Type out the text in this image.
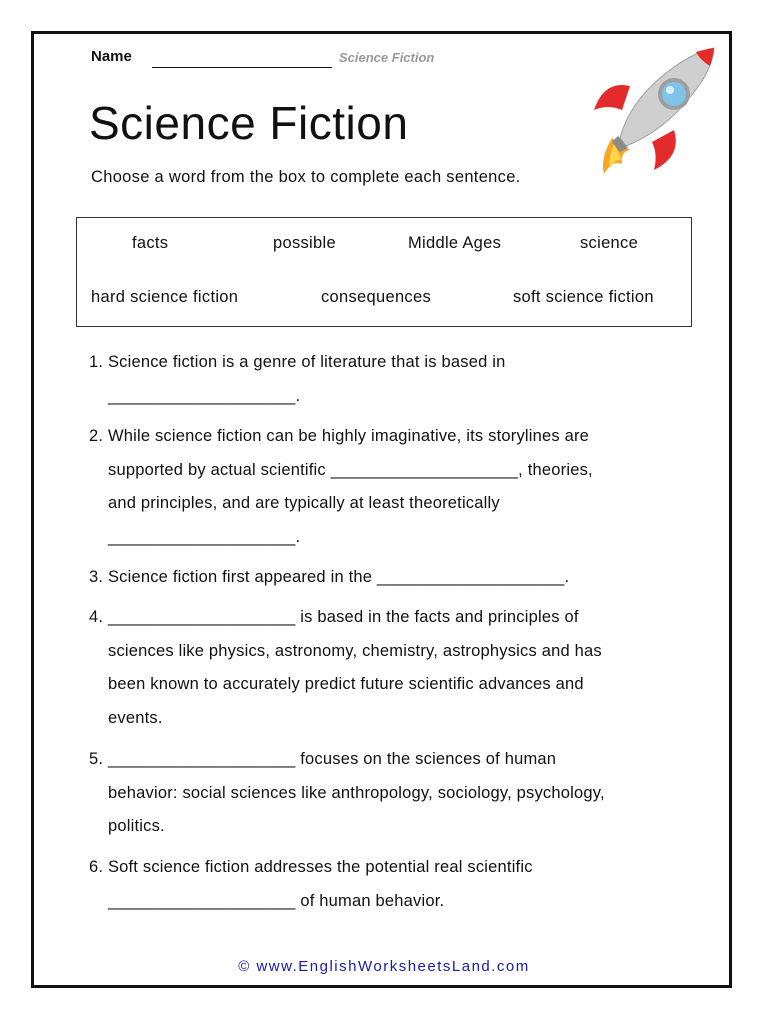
Name	Science Fiction
Science Fiction
Choose a word from the box to complete each sentence.
facts	possible	Middle Ages	science
hard science fiction	consequences	soft science fiction
1. Science fiction is a genre of literature that is based in
____________________.
2. While science fiction can be highly imaginative, its storylines are
supported by actual scientific ____________________, theories,
and principles, and are typically at least theoretically
____________________.
3. Science fiction first appeared in the ____________________.
4. ____________________ is based in the facts and principles of
sciences like physics, astronomy, chemistry, astrophysics and has
been known to accurately predict future scientific advances and
events.
5. ____________________ focuses on the sciences of human
behavior: social sciences like anthropology, sociology, psychology,
politics.
6. Soft science fiction addresses the potential real scientific
____________________ of human behavior.
© www.EnglishWorksheetsLand.com
